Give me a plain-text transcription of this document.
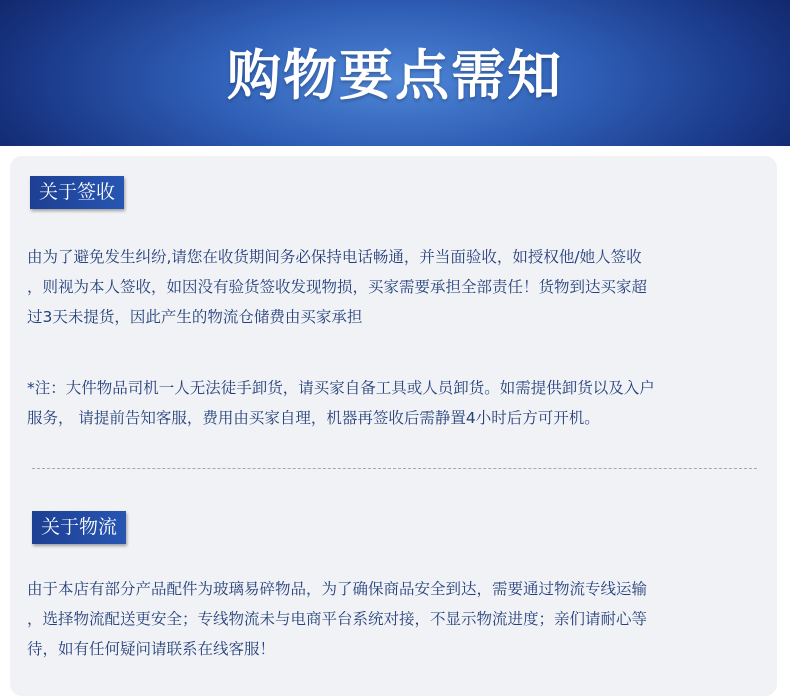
购物要点需知
关于签收

由为了避免发生纠纷,请您在收货期间务必保持电话畅通，并当面验收，如授权他/她人签收
，则视为本人签收，如因没有验货签收发现物损，买家需要承担全部责任！货物到达买家超
过3天未提货，因此产生的物流仓储费由买家承担

*注：大件物品司机一人无法徒手卸货，请买家自备工具或人员卸货。如需提供卸货以及入户
服务， 请提前告知客服，费用由买家自理，机器再签收后需静置4小时后方可开机。

关于物流

由于本店有部分产品配件为玻璃易碎物品，为了确保商品安全到达，需要通过物流专线运输
，选择物流配送更安全；专线物流未与电商平台系统对接，不显示物流进度；亲们请耐心等
待，如有任何疑问请联系在线客服！
